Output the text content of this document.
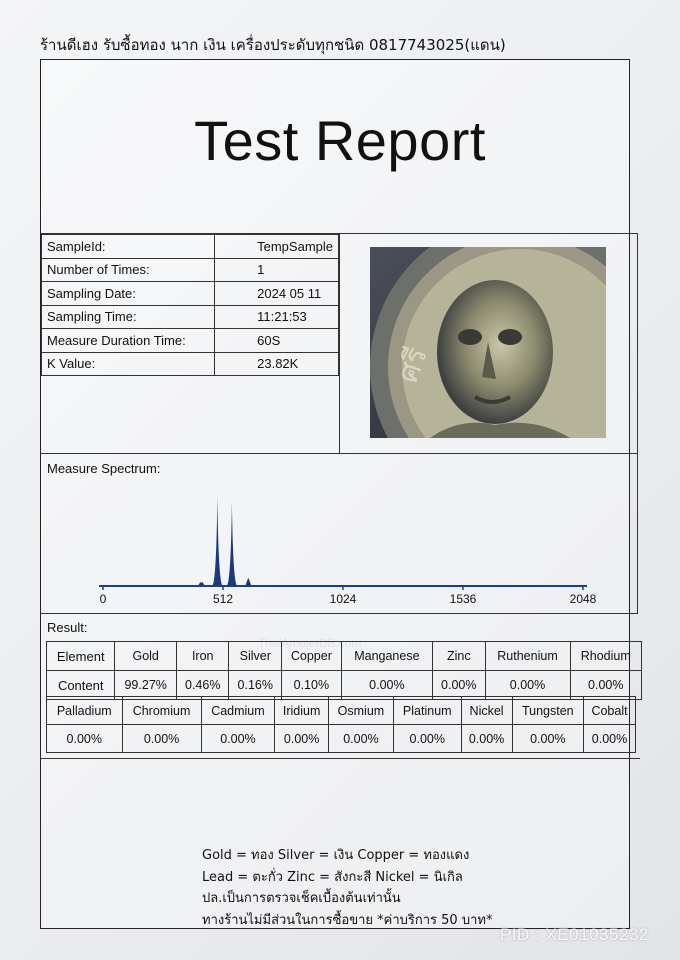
ร้านดีเฮง รับซื้อทอง นาก เงิน เครื่องประดับทุกชนิด 0817743025(แดน)
Test Report
SampleId:	TempSample
Number of Times:	1
Sampling Date:	2024 05 11
Sampling Time:	11:21:53
Measure Duration Time:	60S
K Value:	23.82K	ศรี
Measure Spectrum:
0	512	1024	1536	2048
Result:
ThaiAmuletDB.com
Element	Gold	Iron	Silver	Copper	Manganese	Zinc	Ruthenium	Rhodium
Content	99.27%	0.46%	0.16%	0.10%	0.00%	0.00%	0.00%	0.00%
Palladium	Chromium	Cadmium	Iridium	Osmium	Platinum	Nickel	Tungsten	Cobalt
0.00%	0.00%	0.00%	0.00%	0.00%	0.00%	0.00%	0.00%	0.00%
Gold = ทอง Silver = เงิน Copper = ทองแดง
Lead = ตะกั่ว Zinc = สังกะสี Nickel = นิเกิล
ปล.เป็นการตรวจเช็คเบื้องต้นเท่านั้น
ทางร้านไม่มีส่วนในการซื้อขาย *ค่าบริการ 50 บาท*
PID : XE01035232
